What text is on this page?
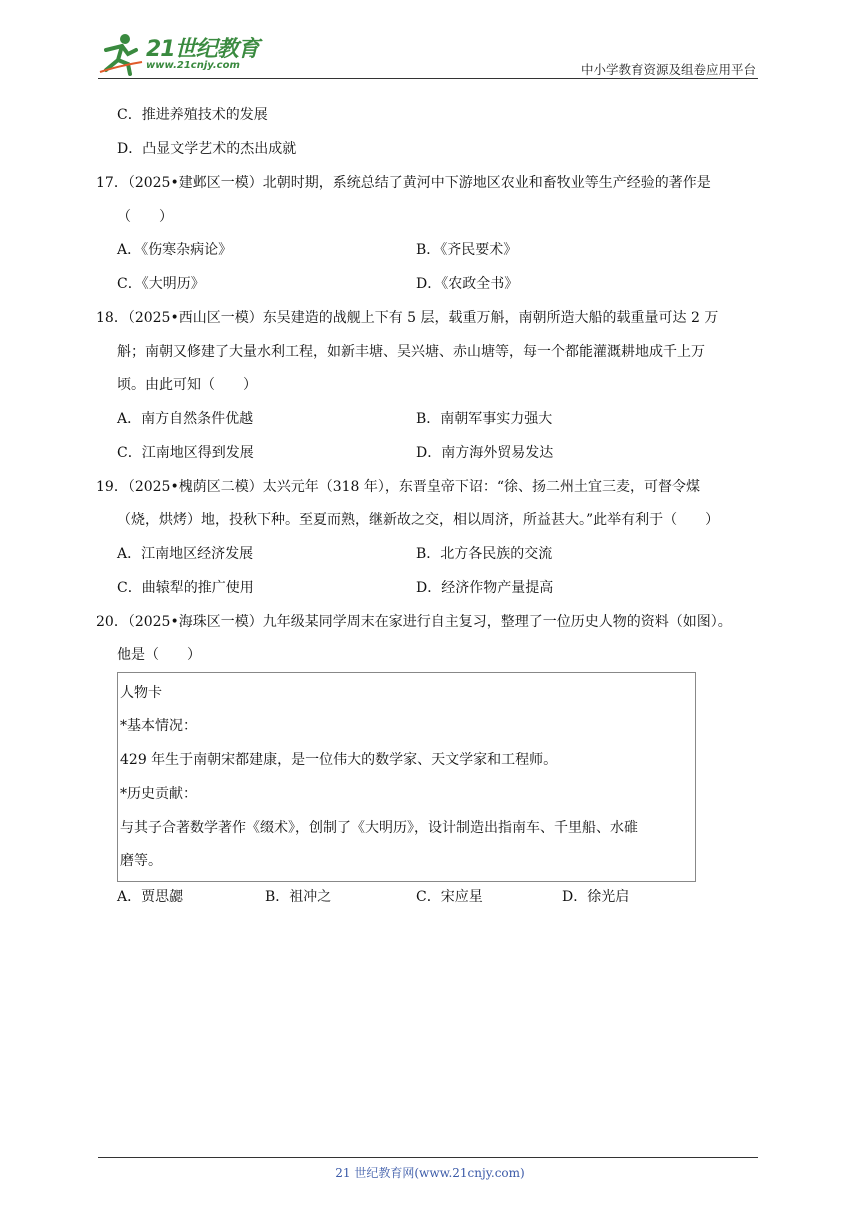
21世纪教育
www.21cnjy.com	中小学教育资源及组卷应用平台
C．推进养殖技术的发展
D．凸显文学艺术的杰出成就
17．（2025•建邺区一模）北朝时期，系统总结了黄河中下游地区农业和畜牧业等生产经验的著作是
（　　）
A．《伤寒杂病论》	B．《齐民要术》
C．《大明历》	D．《农政全书》
18．（2025•西山区一模）东吴建造的战舰上下有 5 层，载重万斛，南朝所造大船的载重量可达 2 万
斛；南朝又修建了大量水利工程，如新丰塘、吴兴塘、赤山塘等，每一个都能灌溉耕地成千上万
顷。由此可知（　　）
A．南方自然条件优越	B．南朝军事实力强大
C．江南地区得到发展	D．南方海外贸易发达
19．（2025•槐荫区二模）太兴元年（318 年），东晋皇帝下诏：“徐、扬二州土宜三麦，可督令煤
（烧，烘烤）地，投秋下种。至夏而熟，继新故之交，相以周济，所益甚大。”此举有利于（　　）
A．江南地区经济发展	B．北方各民族的交流
C．曲辕犁的推广使用	D．经济作物产量提高
20．（2025•海珠区一模）九年级某同学周末在家进行自主复习，整理了一位历史人物的资料（如图）。
他是（　　）
人物卡
*基本情况：
429 年生于南朝宋都建康，是一位伟大的数学家、天文学家和工程师。
*历史贡献：
与其子合著数学著作《缀术》，创制了《大明历》，设计制造出指南车、千里船、水碓
磨等。
A．贾思勰	B．祖冲之	C．宋应星	D．徐光启
21 世纪教育网(www.21cnjy.com)
